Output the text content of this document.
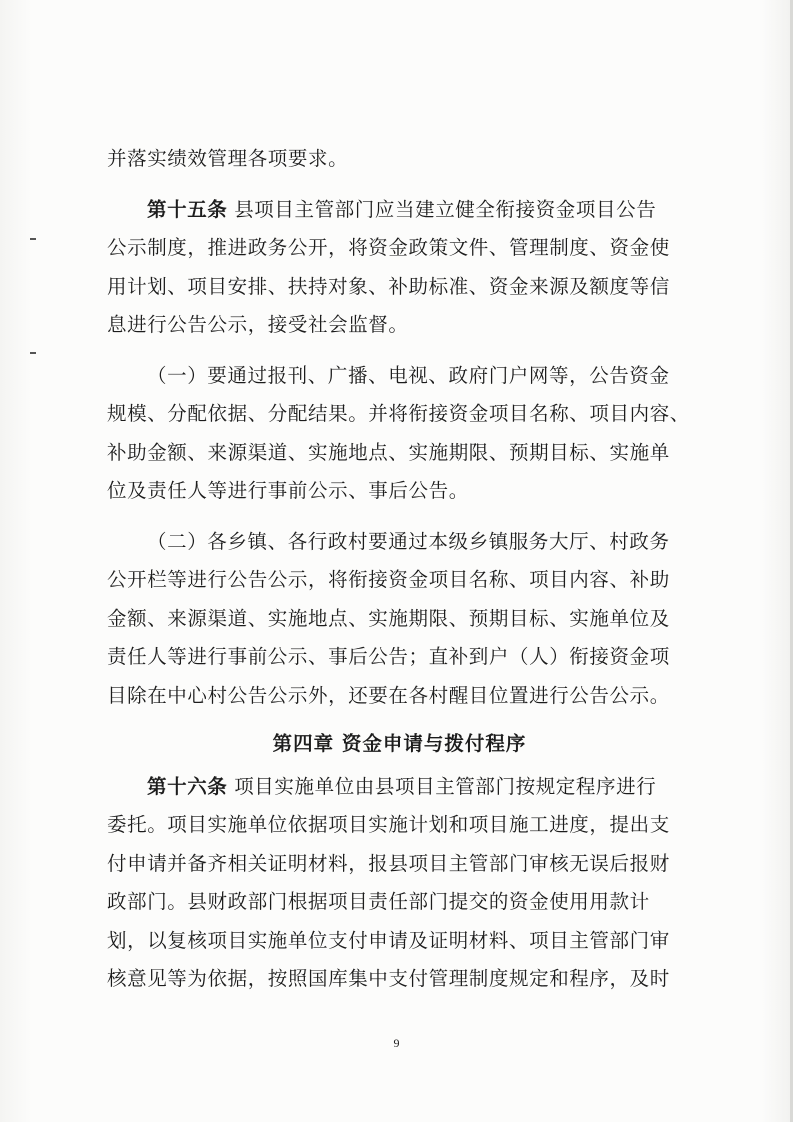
并落实绩效管理各项要求。
第十五条 县项目主管部门应当建立健全衔接资金项目公告
公示制度，推进政务公开，将资金政策文件、管理制度、资金使
用计划、项目安排、扶持对象、补助标准、资金来源及额度等信
息进行公告公示，接受社会监督。
（一）要通过报刊、广播、电视、政府门户网等，公告资金
规模、分配依据、分配结果。并将衔接资金项目名称、项目内容、
补助金额、来源渠道、实施地点、实施期限、预期目标、实施单
位及责任人等进行事前公示、事后公告。
（二）各乡镇、各行政村要通过本级乡镇服务大厅、村政务
公开栏等进行公告公示，将衔接资金项目名称、项目内容、补助
金额、来源渠道、实施地点、实施期限、预期目标、实施单位及
责任人等进行事前公示、事后公告；直补到户（人）衔接资金项
目除在中心村公告公示外，还要在各村醒目位置进行公告公示。
第四章 资金申请与拨付程序
第十六条 项目实施单位由县项目主管部门按规定程序进行
委托。项目实施单位依据项目实施计划和项目施工进度，提出支
付申请并备齐相关证明材料，报县项目主管部门审核无误后报财
政部门。县财政部门根据项目责任部门提交的资金使用用款计
划，以复核项目实施单位支付申请及证明材料、项目主管部门审
核意见等为依据，按照国库集中支付管理制度规定和程序，及时
9
